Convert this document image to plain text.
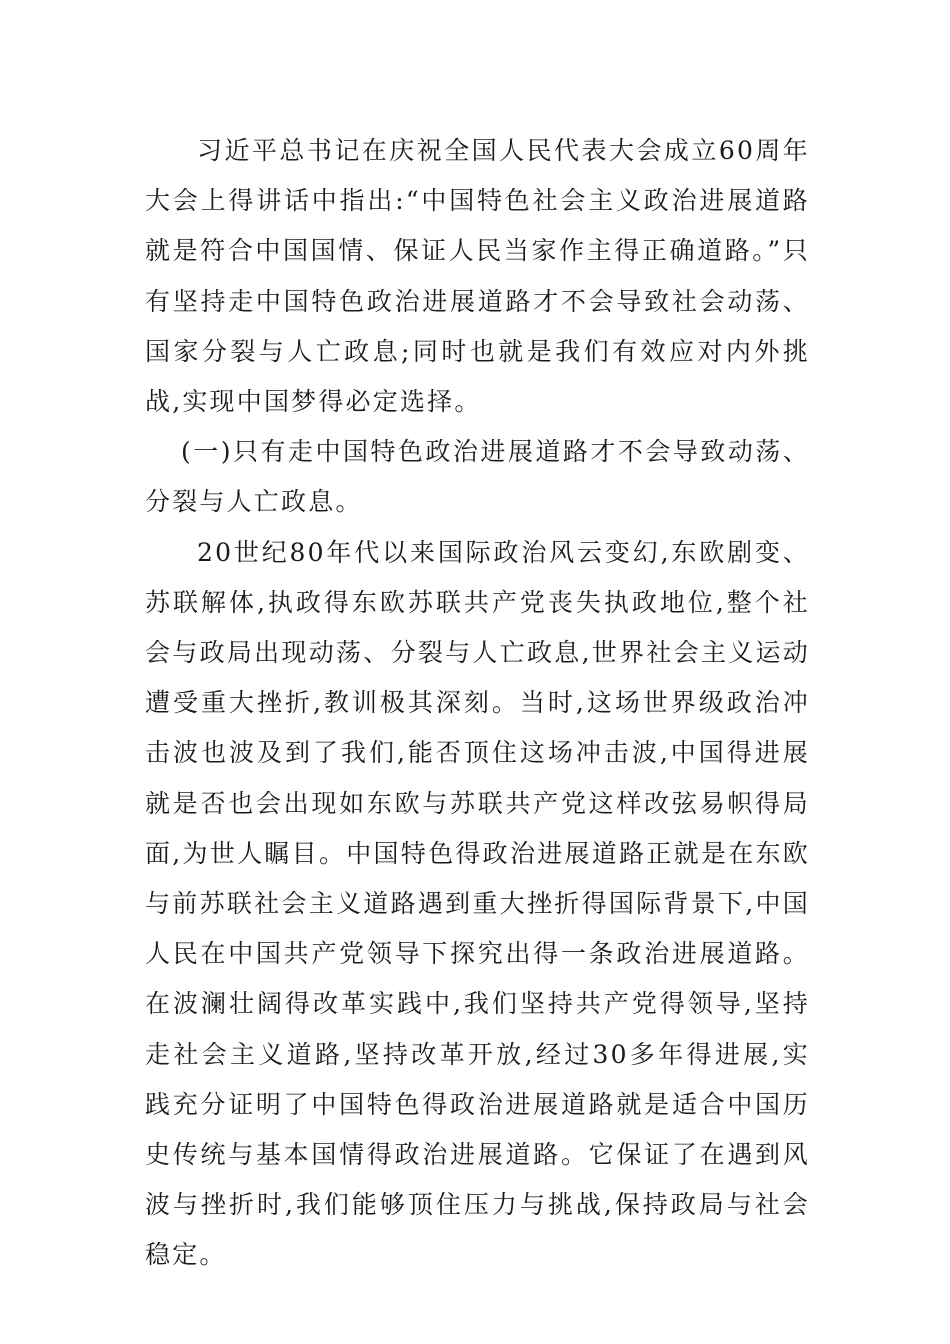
习近平总书记在庆祝全国人民代表大会成立60周年大会上得讲话中指出:“中国特色社会主义政治进展道路就是符合中国国情、保证人民当家作主得正确道路。”只有坚持走中国特色政治进展道路才不会导致社会动荡、国家分裂与人亡政息;同时也就是我们有效应对内外挑战,实现中国梦得必定选择。

(一)只有走中国特色政治进展道路才不会导致动荡、分裂与人亡政息。

20世纪80年代以来国际政治风云变幻,东欧剧变、苏联解体,执政得东欧苏联共产党丧失执政地位,整个社会与政局出现动荡、分裂与人亡政息,世界社会主义运动遭受重大挫折,教训极其深刻。当时,这场世界级政治冲击波也波及到了我们,能否顶住这场冲击波,中国得进展就是否也会出现如东欧与苏联共产党这样改弦易帜得局面,为世人瞩目。中国特色得政治进展道路正就是在东欧与前苏联社会主义道路遇到重大挫折得国际背景下,中国人民在中国共产党领导下探究出得一条政治进展道路。在波澜壮阔得改革实践中,我们坚持共产党得领导,坚持走社会主义道路,坚持改革开放,经过30多年得进展,实践充分证明了中国特色得政治进展道路就是适合中国历史传统与基本国情得政治进展道路。它保证了在遇到风波与挫折时,我们能够顶住压力与挑战,保持政局与社会稳定。
